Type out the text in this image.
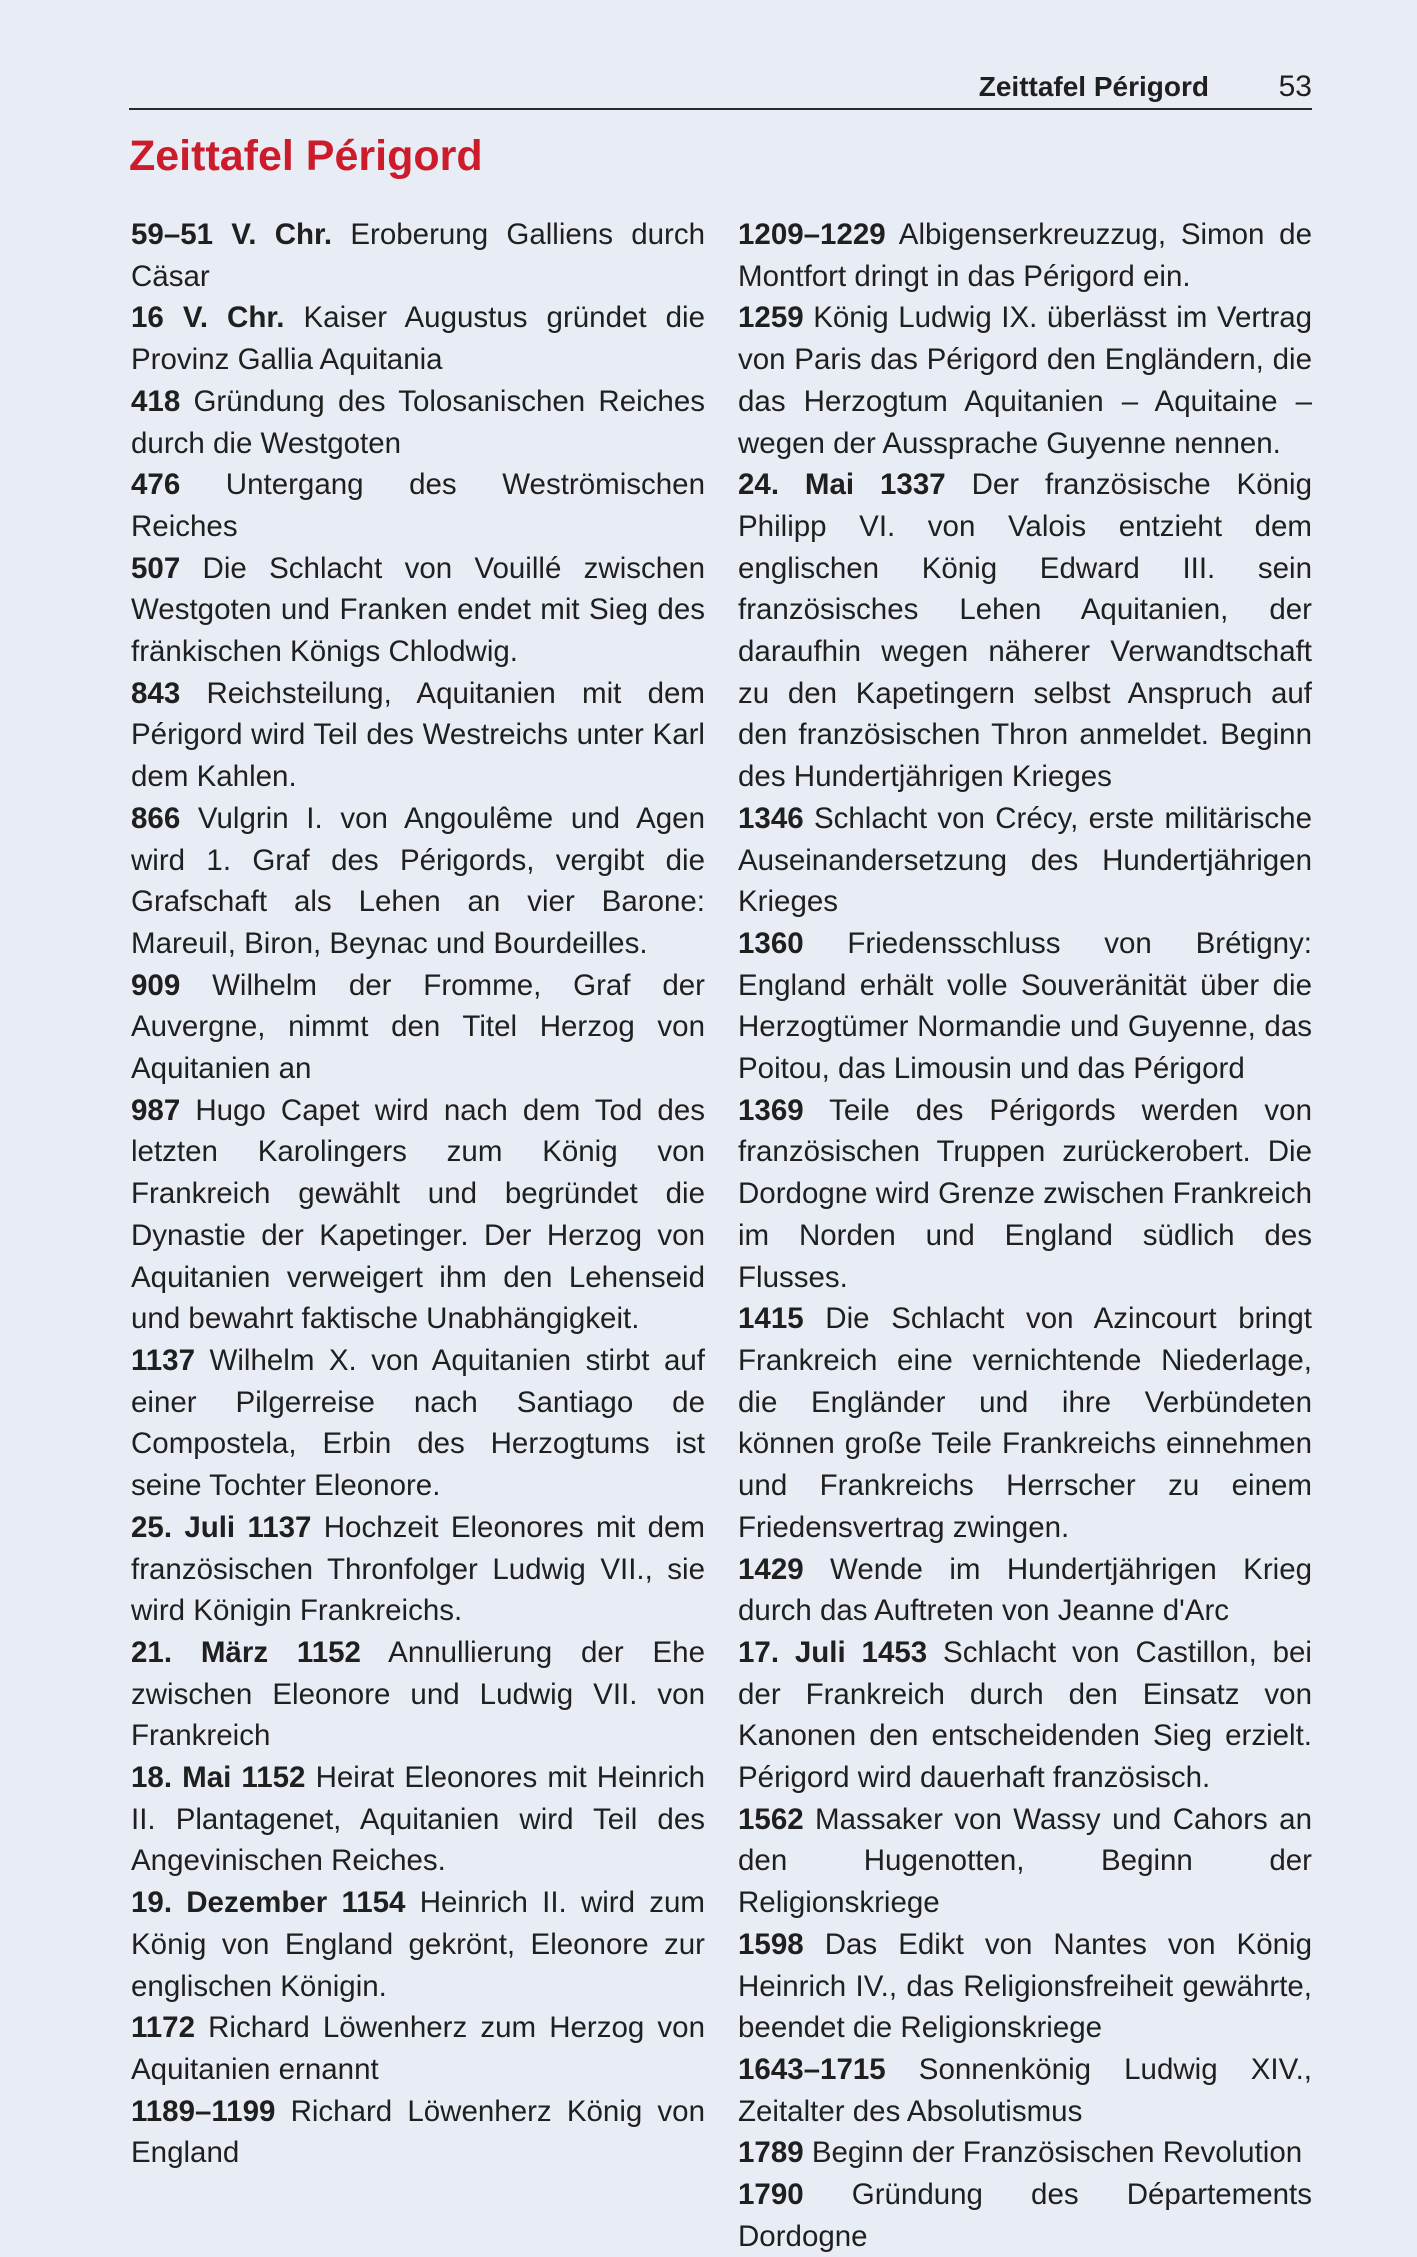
Zeittafel Périgord 53
Zeittafel Périgord

59–51 V. Chr. Eroberung Galliens durch Cäsar

16 V. Chr. Kaiser Augustus gründet die Provinz Gallia Aquitania

418 Gründung des Tolosanischen Reiches durch die Westgoten

476 Untergang des Weströmischen Reiches

507 Die Schlacht von Vouillé zwischen Westgoten und Franken endet mit Sieg des fränkischen Königs Chlodwig.

843 Reichsteilung, Aquitanien mit dem Périgord wird Teil des Westreichs unter Karl dem Kahlen.

866 Vulgrin I. von Angoulême und Agen wird 1. Graf des Périgords, vergibt die Grafschaft als Lehen an vier Barone: Mareuil, Biron, Beynac und Bourdeilles.

909 Wilhelm der Fromme, Graf der Auvergne, nimmt den Titel Herzog von Aquitanien an

987 Hugo Capet wird nach dem Tod des letzten Karolingers zum König von Frankreich gewählt und begründet die Dynastie der Kapetinger. Der Herzog von Aquitanien verweigert ihm den Lehenseid und bewahrt faktische Unabhängigkeit.

1137 Wilhelm X. von Aquitanien stirbt auf einer Pilgerreise nach Santiago de Compostela, Erbin des Herzogtums ist seine Tochter Eleonore.

25. Juli 1137 Hochzeit Eleonores mit dem französischen Thronfolger Ludwig VII., sie wird Königin Frankreichs.

21. März 1152 Annullierung der Ehe zwischen Eleonore und Ludwig VII. von Frankreich

18. Mai 1152 Heirat Eleonores mit Heinrich II. Plantagenet, Aquitanien wird Teil des Angevinischen Reiches.

19. Dezember 1154 Heinrich II. wird zum König von England gekrönt, Eleonore zur englischen Königin.

1172 Richard Löwenherz zum Herzog von Aquitanien ernannt

1189–1199 Richard Löwenherz König von England

1209–1229 Albigenserkreuzzug, Simon de Montfort dringt in das Périgord ein.

1259 König Ludwig IX. überlässt im Vertrag von Paris das Périgord den Engländern, die das Herzogtum Aquitanien – Aquitaine – wegen der Aussprache Guyenne nennen.

24. Mai 1337 Der französische König Philipp VI. von Valois entzieht dem englischen König Edward III. sein französisches Lehen Aquitanien, der daraufhin wegen näherer Verwandtschaft zu den Kapetingern selbst Anspruch auf den französischen Thron anmeldet. Beginn des Hundertjährigen Krieges

1346 Schlacht von Crécy, erste militärische Auseinandersetzung des Hundertjährigen Krieges

1360 Friedensschluss von Brétigny: England erhält volle Souveränität über die Herzogtümer Normandie und Guyenne, das Poitou, das Limousin und das Périgord

1369 Teile des Périgords werden von französischen Truppen zurückerobert. Die Dordogne wird Grenze zwischen Frankreich im Norden und England südlich des Flusses.

1415 Die Schlacht von Azincourt bringt Frankreich eine vernichtende Niederlage, die Engländer und ihre Verbündeten können große Teile Frankreichs einnehmen und Frankreichs Herrscher zu einem Friedensvertrag zwingen.

1429 Wende im Hundertjährigen Krieg durch das Auftreten von Jeanne d'Arc

17. Juli 1453 Schlacht von Castillon, bei der Frankreich durch den Einsatz von Kanonen den entscheidenden Sieg erzielt. Périgord wird dauerhaft französisch.

1562 Massaker von Wassy und Cahors an den Hugenotten, Beginn der Religionskriege

1598 Das Edikt von Nantes von König Heinrich IV., das Religionsfreiheit gewährte, beendet die Religionskriege

1643–1715 Sonnenkönig Ludwig XIV., Zeitalter des Absolutismus

1789 Beginn der Französischen Revolution

1790 Gründung des Départements Dordogne
